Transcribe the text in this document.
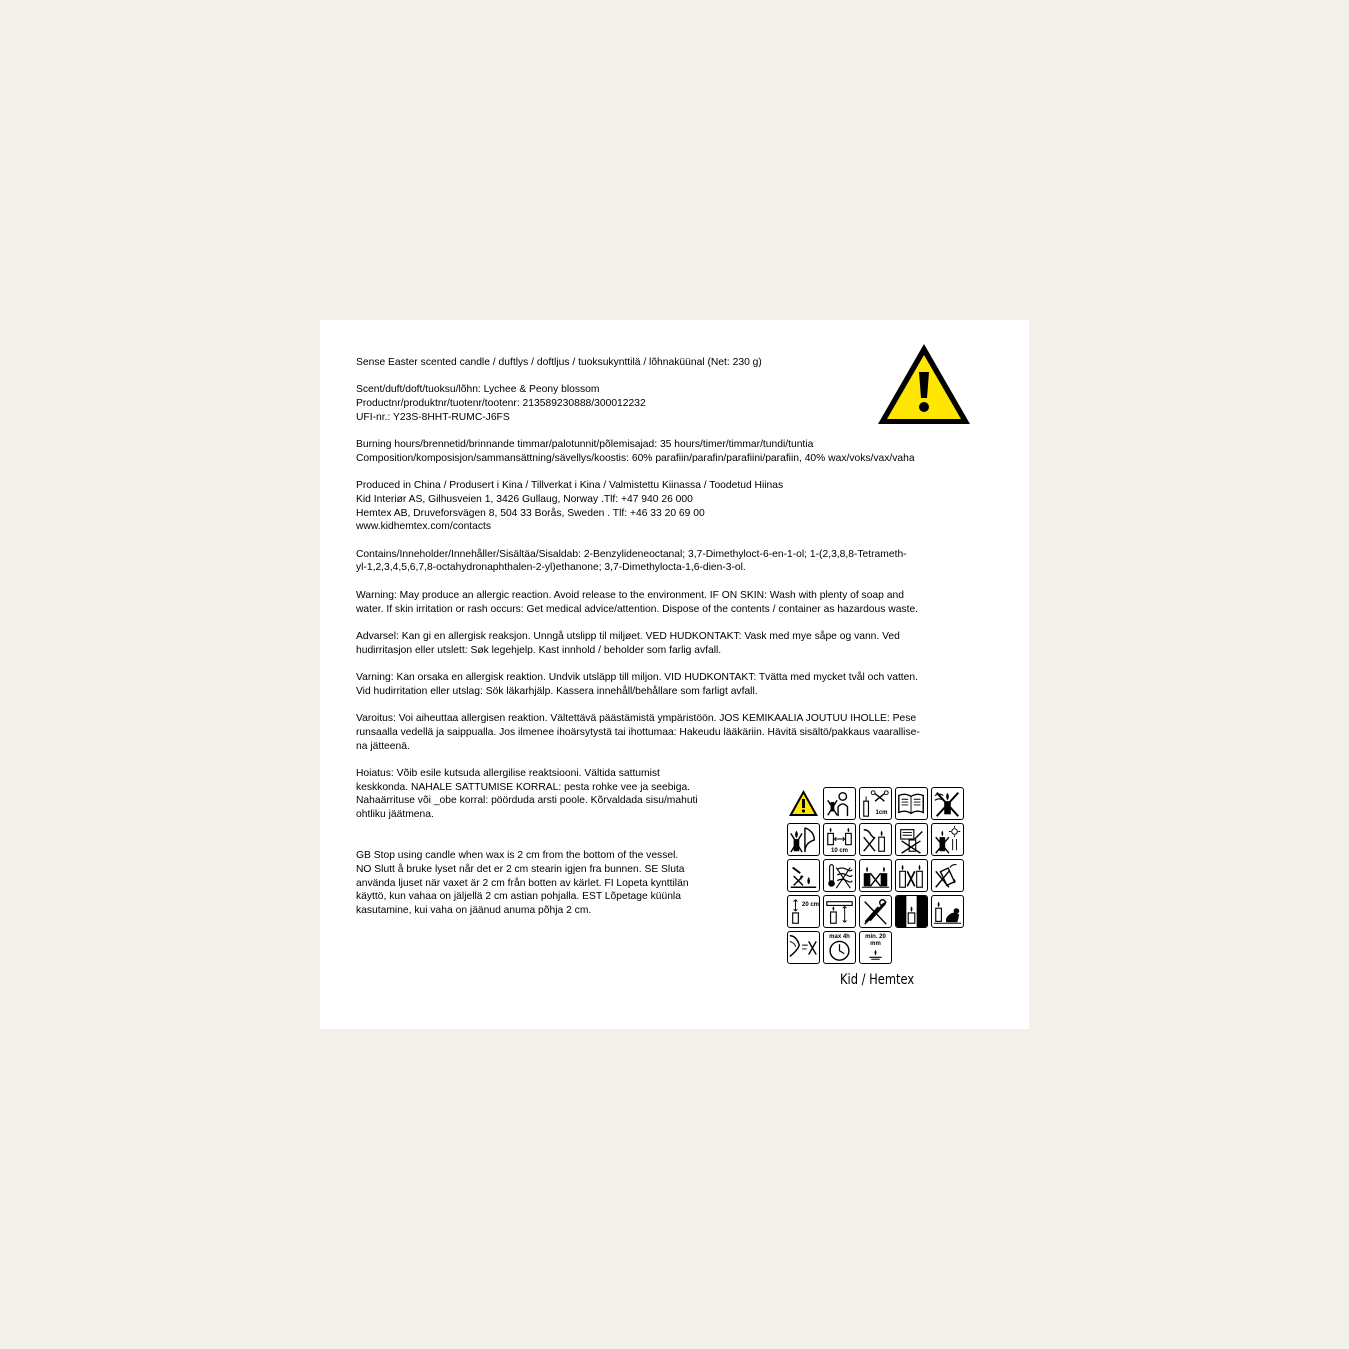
Sense Easter scented candle / duftlys / doftljus / tuoksukynttilä / lõhnaküünal (Net: 230 g)

Scent/duft/doft/tuoksu/lõhn: Lychee & Peony blossom
Productnr/produktnr/tuotenr/tootenr: 213589230888/300012232
UFI-nr.: Y23S-8HHT-RUMC-J6FS

Burning hours/brennetid/brinnande timmar/palotunnit/põlemisajad: 35 hours/timer/timmar/tundi/tuntia
Composition/komposisjon/sammansättning/sävellys/koostis: 60% parafiin/parafin/parafiini/parafiin, 40% wax/voks/vax/vaha

Produced in China / Produsert i Kina / Tillverkat i Kina / Valmistettu Kiinassa / Toodetud Hiinas
Kid Interiør AS, Gilhusveien 1, 3426 Gullaug, Norway .Tlf: +47 940 26 000
Hemtex AB, Druveforsvägen 8, 504 33 Borås, Sweden . Tlf: +46 33 20 69 00
www.kidhemtex.com/contacts

Contains/Inneholder/Innehåller/Sisältäa/Sisaldab: 2-Benzylideneoctanal; 3,7-Dimethyloct-6-en-1-ol; 1-(2,3,8,8-Tetrameth-
yl-1,2,3,4,5,6,7,8-octahydronaphthalen-2-yl)ethanone; 3,7-Dimethylocta-1,6-dien-3-ol.

Warning: May produce an allergic reaction. Avoid release to the environment. IF ON SKIN: Wash with plenty of soap and
water. If skin irritation or rash occurs: Get medical advice/attention. Dispose of the contents / container as hazardous waste.

Advarsel: Kan gi en allergisk reaksjon. Unngå utslipp til miljøet. VED HUDKONTAKT: Vask med mye såpe og vann. Ved
hudirritasjon eller utslett: Søk legehjelp. Kast innhold / beholder som farlig avfall.

Varning: Kan orsaka en allergisk reaktion. Undvik utsläpp till miljon. VID HUDKONTAKT: Tvätta med mycket tvål och vatten.
Vid hudirritation eller utslag: Sök läkarhjälp. Kassera innehåll/behållare som farligt avfall.

Varoitus: Voi aiheuttaa allergisen reaktion. Vältettävä päästämistä ympäristöön. JOS KEMIKAALIA JOUTUU IHOLLE: Pese
runsaalla vedellä ja saippualla. Jos ilmenee ihoärsytystä tai ihottumaa: Hakeudu lääkäriin. Hävitä sisältö/pakkaus vaarallise-
na jätteenä.

Hoiatus: Võib esile kutsuda allergilise reaktsiooni. Vältida sattumist
keskkonda. NAHALE SATTUMISE KORRAL: pesta rohke vee ja seebiga.
Nahaärrituse või _obe korral: pöörduda arsti poole. Kõrvaldada sisu/mahuti
ohtliku jäätmena.

GB Stop using candle when wax is 2 cm from the bottom of the vessel.
NO Slutt å bruke lyset når det er 2 cm stearin igjen fra bunnen. SE Sluta
använda ljuset när vaxet är 2 cm från botten av kärlet. FI Lopeta kynttilän
käyttö, kun vahaa on jäljellä 2 cm astian pohjalla. EST Lõpetage küünla
kasutamine, kui vaha on jäänud anuma põhja 2 cm.

1cm
10 cm
20 cm
max 4h	min. 20 mm
Kid / Hemtex
